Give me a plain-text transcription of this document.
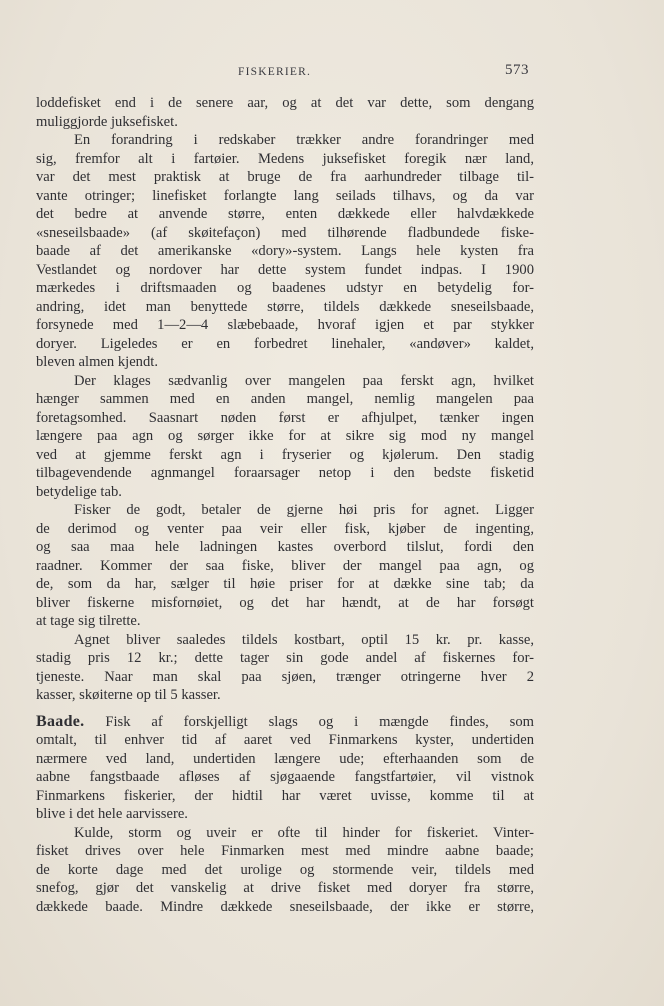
FISKERIER.	573
loddefisket end i de senere aar, og at det var dette, som dengang
muliggjorde juksefisket.
En forandring i redskaber trækker andre forandringer med
sig, fremfor alt i fartøier. Medens juksefisket foregik nær land,
var det mest praktisk at bruge de fra aarhundreder tilbage til-
vante otringer; linefisket forlangte lang seilads tilhavs, og da var
det bedre at anvende større, enten dækkede eller halvdækkede
«sneseilsbaade» (af skøitefaçon) med tilhørende fladbundede fiske-
baade af det amerikanske «dory»-system. Langs hele kysten fra
Vestlandet og nordover har dette system fundet indpas. I 1900
mærkedes i driftsmaaden og baadenes udstyr en betydelig for-
andring, idet man benyttede større, tildels dækkede sneseilsbaade,
forsynede med 1—2—4 slæbebaade, hvoraf igjen et par stykker
doryer. Ligeledes er en forbedret linehaler, «andøver» kaldet,
bleven almen kjendt.
Der klages sædvanlig over mangelen paa ferskt agn, hvilket
hænger sammen med en anden mangel, nemlig mangelen paa
foretagsomhed. Saasnart nøden først er afhjulpet, tænker ingen
længere paa agn og sørger ikke for at sikre sig mod ny mangel
ved at gjemme ferskt agn i fryserier og kjølerum. Den stadig
tilbagevendende agnmangel foraarsager netop i den bedste fisketid
betydelige tab.
Fisker de godt, betaler de gjerne høi pris for agnet. Ligger
de derimod og venter paa veir eller fisk, kjøber de ingenting,
og saa maa hele ladningen kastes overbord tilslut, fordi den
raadner. Kommer der saa fiske, bliver der mangel paa agn, og
de, som da har, sælger til høie priser for at dække sine tab; da
bliver fiskerne misfornøiet, og det har hændt, at de har forsøgt
at tage sig tilrette.
Agnet bliver saaledes tildels kostbart, optil 15 kr. pr. kasse,
stadig pris 12 kr.; dette tager sin gode andel af fiskernes for-
tjeneste. Naar man skal paa sjøen, trænger otringerne hver 2
kasser, skøiterne op til 5 kasser.
Baade. Fisk af forskjelligt slags og i mængde findes, som
omtalt, til enhver tid af aaret ved Finmarkens kyster, undertiden
nærmere ved land, undertiden længere ude; efterhaanden som de
aabne fangstbaade afløses af sjøgaaende fangstfartøier, vil vistnok
Finmarkens fiskerier, der hidtil har været uvisse, komme til at
blive i det hele aarvissere.
Kulde, storm og uveir er ofte til hinder for fiskeriet. Vinter-
fisket drives over hele Finmarken mest med mindre aabne baade;
de korte dage med det urolige og stormende veir, tildels med
snefog, gjør det vanskelig at drive fisket med doryer fra større,
dækkede baade. Mindre dækkede sneseilsbaade, der ikke er større,
